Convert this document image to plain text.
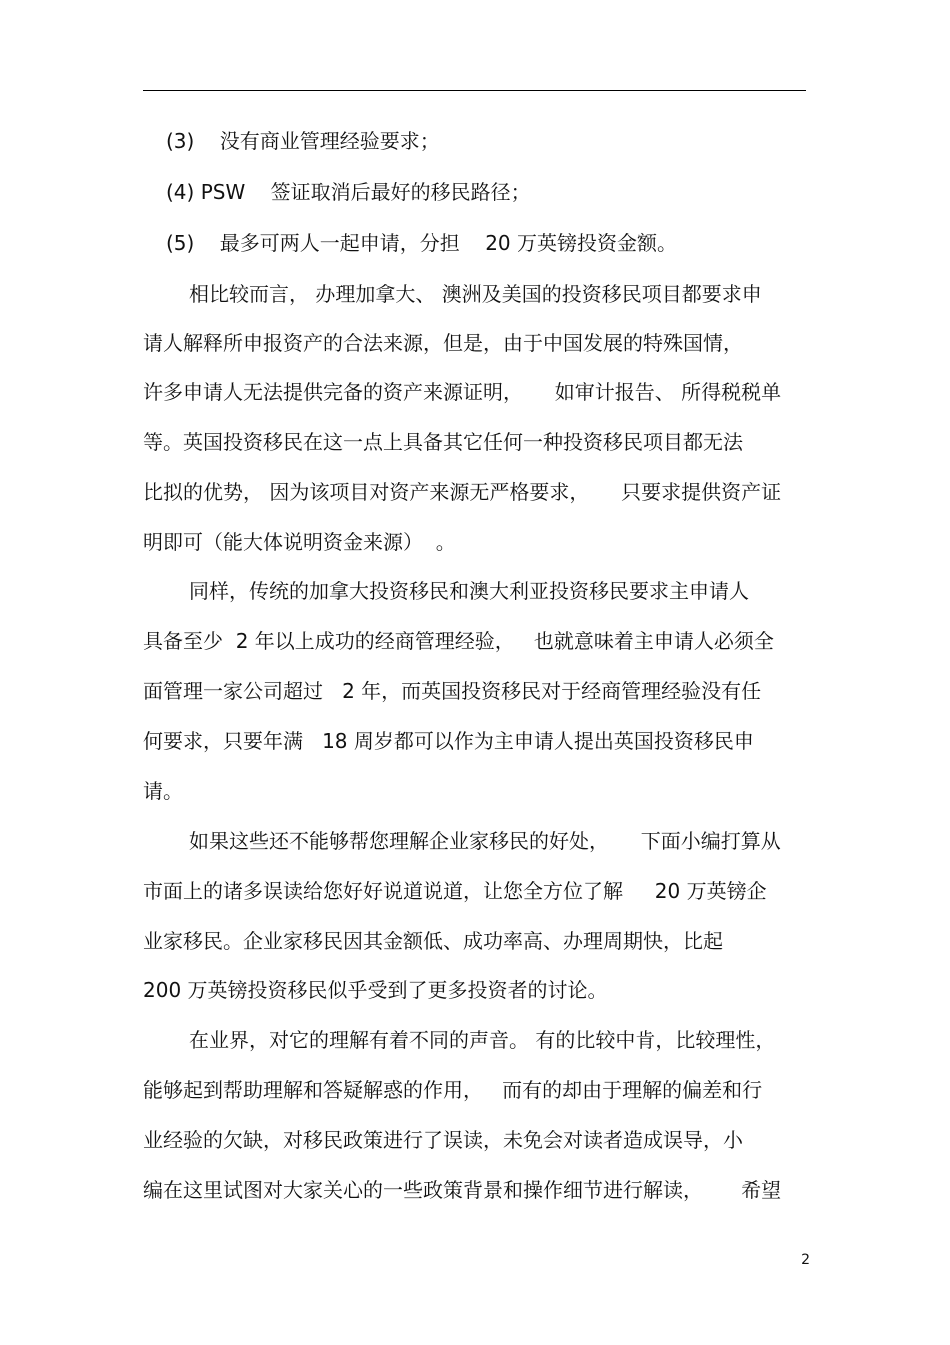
(3)    没有商业管理经验要求；
(4) PSW    签证取消后最好的移民路径；
(5)    最多可两人一起申请，分担    20 万英镑投资金额。
相比较而言， 办理加拿大、 澳洲及美国的投资移民项目都要求申
请人解释所申报资产的合法来源，但是，由于中国发展的特殊国情，
许多申请人无法提供完备的资产来源证明，     如审计报告、 所得税税单
等。英国投资移民在这一点上具备其它任何一种投资移民项目都无法
比拟的优势， 因为该项目对资产来源无严格要求，     只要求提供资产证
明即可（能大体说明资金来源）  。
同样，传统的加拿大投资移民和澳大利亚投资移民要求主申请人
具备至少  2 年以上成功的经商管理经验，   也就意味着主申请人必须全
面管理一家公司超过   2 年，而英国投资移民对于经商管理经验没有任
何要求，只要年满   18 周岁都可以作为主申请人提出英国投资移民申
请。
如果这些还不能够帮您理解企业家移民的好处，     下面小编打算从
市面上的诸多误读给您好好说道说道，让您全方位了解     20 万英镑企
业家移民。企业家移民因其金额低、成功率高、办理周期快，比起
200 万英镑投资移民似乎受到了更多投资者的讨论。
在业界，对它的理解有着不同的声音。 有的比较中肯，比较理性，
能够起到帮助理解和答疑解惑的作用，   而有的却由于理解的偏差和行
业经验的欠缺，对移民政策进行了误读，未免会对读者造成误导，小
编在这里试图对大家关心的一些政策背景和操作细节进行解读，      希望
2
